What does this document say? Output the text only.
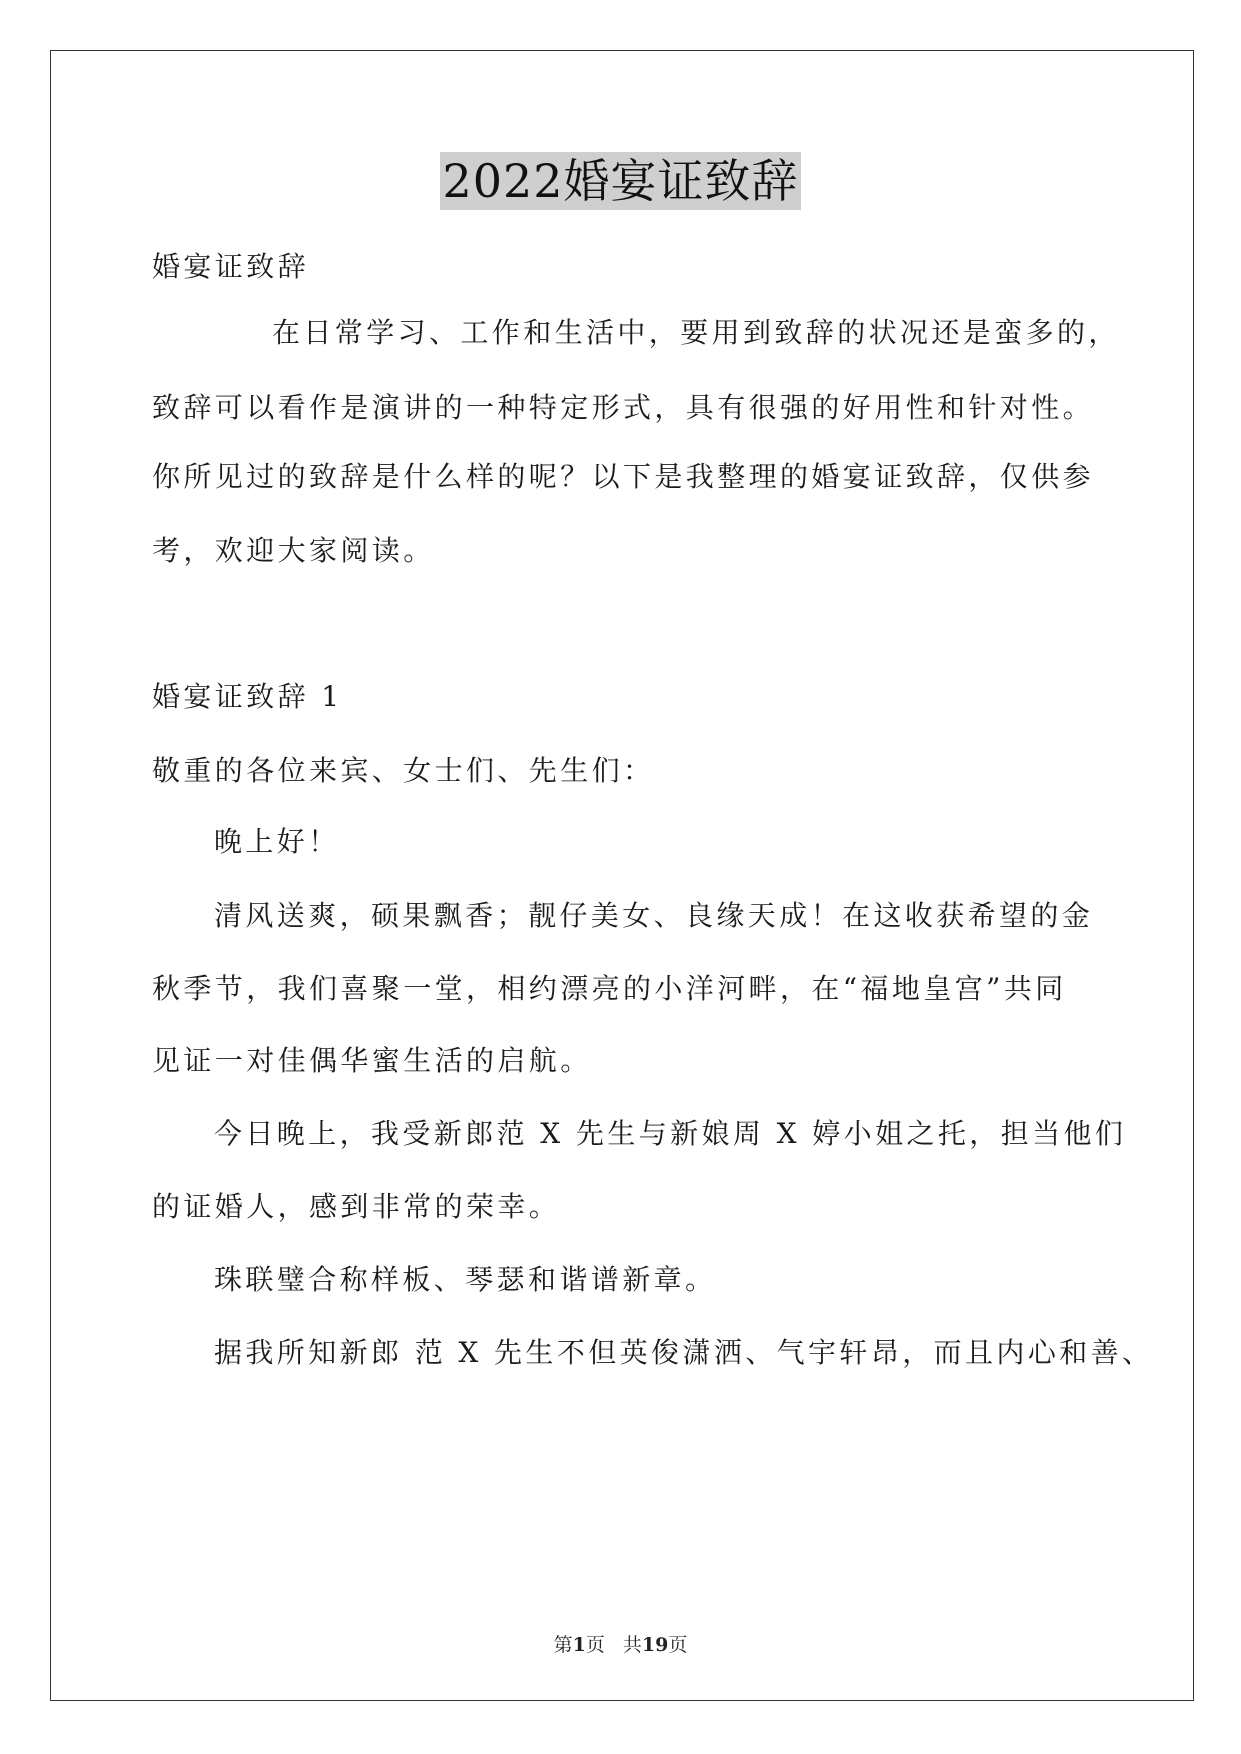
2022婚宴证致辞
婚宴证致辞
在日常学习、工作和生活中，要用到致辞的状况还是蛮多的，
致辞可以看作是演讲的一种特定形式，具有很强的好用性和针对性。
你所见过的致辞是什么样的呢？以下是我整理的婚宴证致辞，仅供参
考，欢迎大家阅读。
婚宴证致辞 1
敬重的各位来宾、女士们、先生们：
晚上好！
清风送爽，硕果飘香；靓仔美女、良缘天成！在这收获希望的金
秋季节，我们喜聚一堂，相约漂亮的小洋河畔，在“福地皇宫”共同
见证一对佳偶华蜜生活的启航。
今日晚上，我受新郎范 X 先生与新娘周 X 婷小姐之托，担当他们
的证婚人，感到非常的荣幸。
珠联璧合称样板、琴瑟和谐谱新章。
据我所知新郎 范 X 先生不但英俊潇洒、气宇轩昂，而且内心和善、
第1页 共19页
